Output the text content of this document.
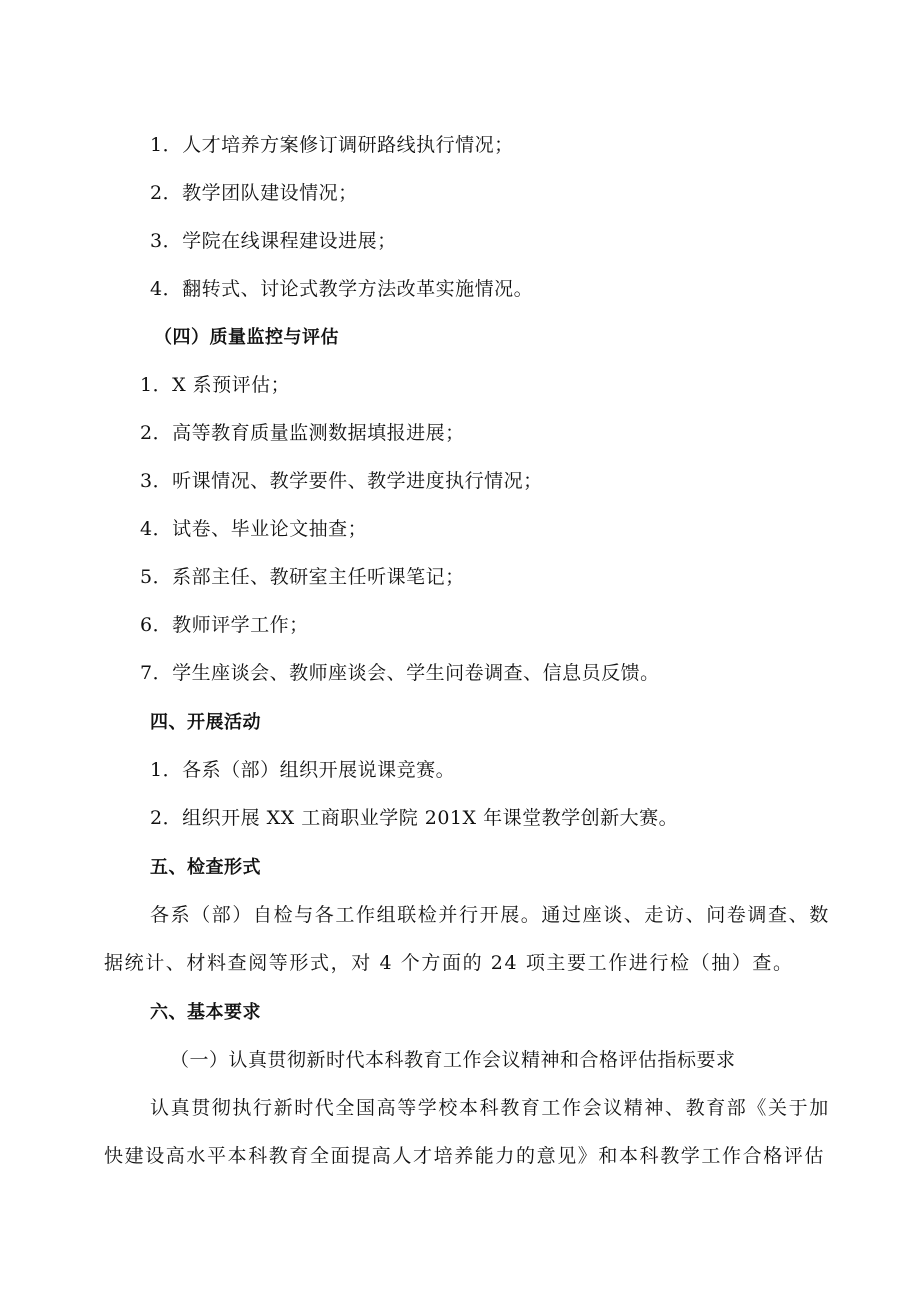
1．人才培养方案修订调研路线执行情况；
2．教学团队建设情况；
3．学院在线课程建设进展；
4．翻转式、讨论式教学方法改革实施情况。
（四）质量监控与评估
1．X 系预评估；
2．高等教育质量监测数据填报进展；
3．听课情况、教学要件、教学进度执行情况；
4．试卷、毕业论文抽查；
5．系部主任、教研室主任听课笔记；
6．教师评学工作；
7．学生座谈会、教师座谈会、学生问卷调查、信息员反馈。
四、开展活动
1．各系（部）组织开展说课竞赛。
2．组织开展 XX 工商职业学院 201X 年课堂教学创新大赛。
五、检查形式
各系（部）自检与各工作组联检并行开展。通过座谈、走访、问卷调查、数
据统计、材料查阅等形式，对 4 个方面的 24 项主要工作进行检（抽）查。
六、基本要求
（一）认真贯彻新时代本科教育工作会议精神和合格评估指标要求
认真贯彻执行新时代全国高等学校本科教育工作会议精神、教育部《关于加
快建设高水平本科教育全面提高人才培养能力的意见》和本科教学工作合格评估
